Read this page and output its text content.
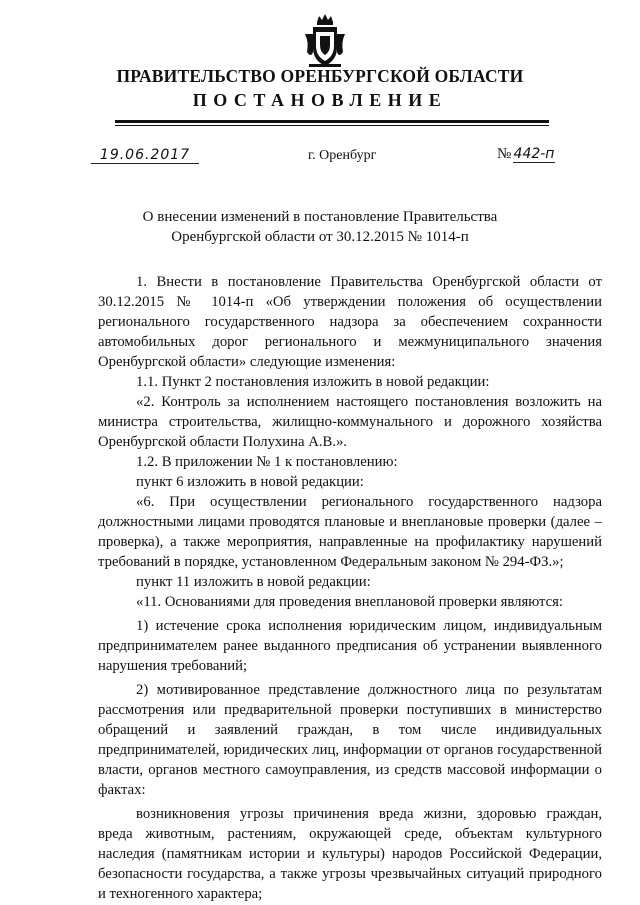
ПРАВИТЕЛЬСТВО ОРЕНБУРГСКОЙ ОБЛАСТИ
ПОСТАНОВЛЕНИЕ
19.06.2017	г. Оренбург	№ 442-п
О внесении изменений в постановление Правительства
Оренбургской области от 30.12.2015 № 1014-п

1. Внести в постановление Правительства Оренбургской области от 30.12.2015 № 1014-п «Об утверждении положения об осуществлении регионального государственного надзора за обеспечением сохранности автомобильных дорог регионального и межмуниципального значения Оренбургской области» следующие изменения:

1.1. Пункт 2 постановления изложить в новой редакции:

«2. Контроль за исполнением настоящего постановления возложить на министра строительства, жилищно-коммунального и дорожного хозяйства Оренбургской области Полухина А.В.».

1.2. В приложении № 1 к постановлению:

пункт 6 изложить в новой редакции:

«6. При осуществлении регионального государственного надзора должностными лицами проводятся плановые и внеплановые проверки (далее – проверка), а также мероприятия, направленные на профилактику нарушений требований в порядке, установленном Федеральным законом № 294-ФЗ.»;

пункт 11 изложить в новой редакции:

«11. Основаниями для проведения внеплановой проверки являются:

1) истечение срока исполнения юридическим лицом, индивидуальным предпринимателем ранее выданного предписания об устранении выявленного нарушения требований;

2) мотивированное представление должностного лица по результатам рассмотрения или предварительной проверки поступивших в министерство обращений и заявлений граждан, в том числе индивидуальных предпринимателей, юридических лиц, информации от органов государственной власти, органов местного самоуправления, из средств массовой информации о фактах:

возникновения угрозы причинения вреда жизни, здоровью граждан, вреда животным, растениям, окружающей среде, объектам культурного наследия (памятникам истории и культуры) народов Российской Федерации, безопасности государства, а также угрозы чрезвычайных ситуаций природного и техногенного характера;
